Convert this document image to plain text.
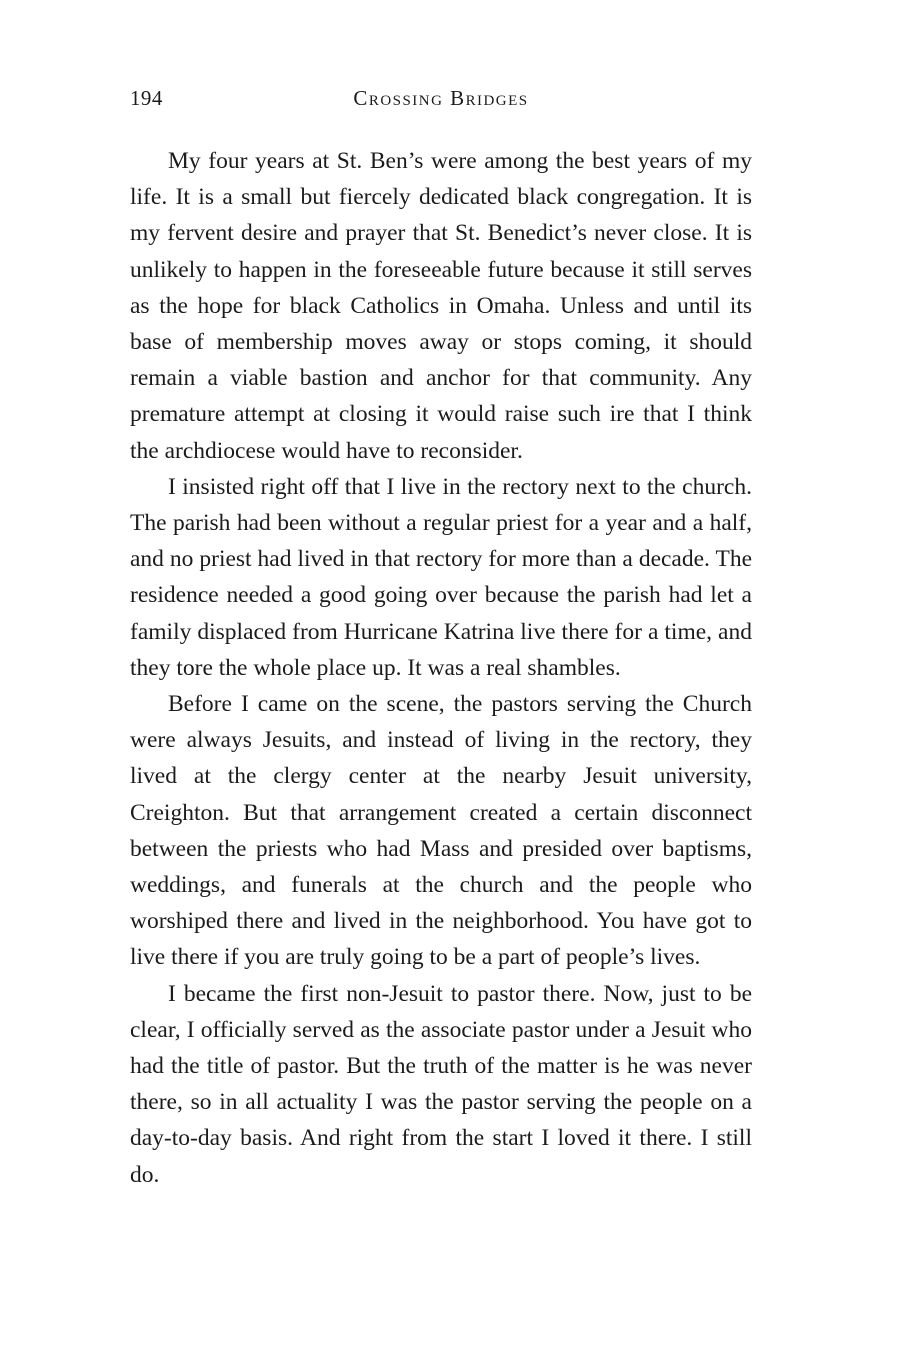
194	Crossing Bridges

My four years at St. Ben’s were among the best years of my life. It is a small but fiercely dedicated black congregation. It is my fervent desire and prayer that St. Benedict’s never close. It is unlikely to happen in the foreseeable future because it still serves as the hope for black Catholics in Omaha. Unless and until its base of membership moves away or stops coming, it should remain a viable bastion and anchor for that community. Any premature attempt at closing it would raise such ire that I think the archdiocese would have to reconsider.

I insisted right off that I live in the rectory next to the church. The parish had been without a regular priest for a year and a half, and no priest had lived in that rectory for more than a decade. The residence needed a good going over because the parish had let a family displaced from Hurricane Katrina live there for a time, and they tore the whole place up. It was a real shambles.

Before I came on the scene, the pastors serving the Church were always Jesuits, and instead of living in the rectory, they lived at the clergy center at the nearby Jesuit university, Creighton. But that arrangement created a certain disconnect between the priests who had Mass and presided over baptisms, weddings, and funerals at the church and the people who worshiped there and lived in the neighborhood. You have got to live there if you are truly going to be a part of people’s lives.

I became the first non-Jesuit to pastor there. Now, just to be clear, I officially served as the associate pastor under a Jesuit who had the title of pastor. But the truth of the matter is he was never there, so in all actuality I was the pastor serving the people on a day-to-day basis. And right from the start I loved it there. I still do.
